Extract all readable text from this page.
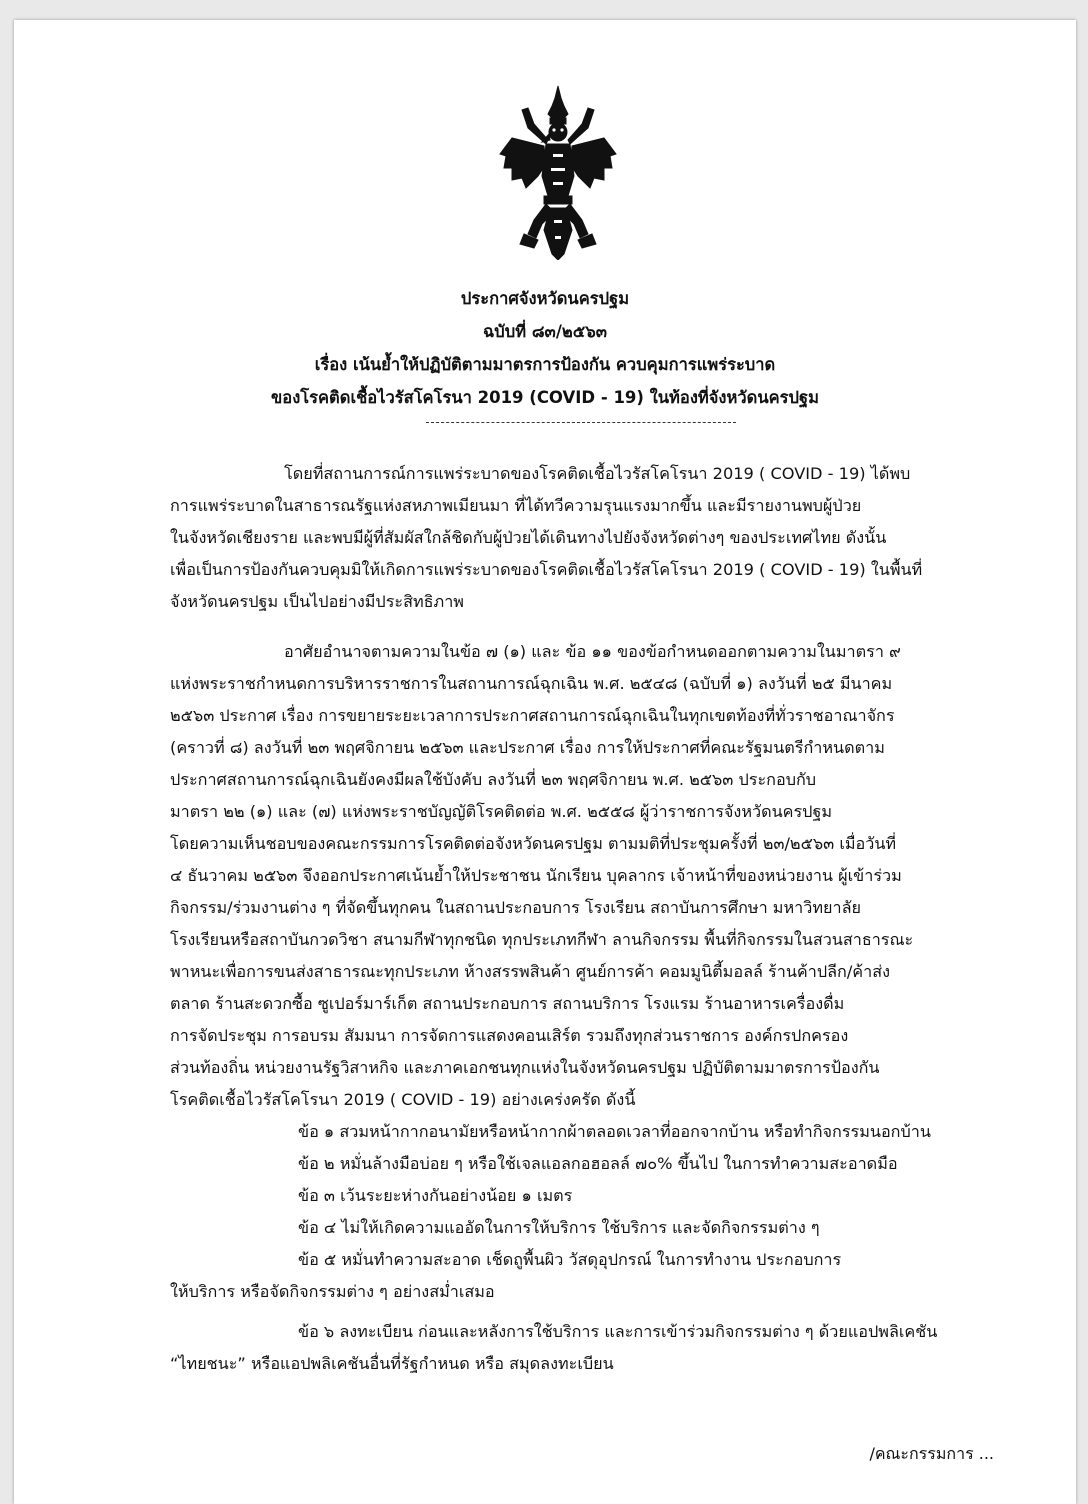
ประกาศจังหวัดนครปฐม
ฉบับที่ ๘๓/๒๕๖๓
เรื่อง เน้นย้ำให้ปฏิบัติตามมาตรการป้องกัน ควบคุมการแพร่ระบาด
ของโรคติดเชื้อไวรัสโคโรนา 2019 (COVID - 19) ในท้องที่จังหวัดนครปฐม
โดยที่สถานการณ์การแพร่ระบาดของโรคติดเชื้อไวรัสโคโรนา 2019 ( COVID - 19) ได้พบ
การแพร่ระบาดในสาธารณรัฐแห่งสหภาพเมียนมา ที่ได้ทวีความรุนแรงมากขึ้น และมีรายงานพบผู้ป่วย
ในจังหวัดเชียงราย และพบมีผู้ที่สัมผัสใกล้ชิดกับผู้ป่วยได้เดินทางไปยังจังหวัดต่างๆ ของประเทศไทย ดังนั้น
เพื่อเป็นการป้องกันควบคุมมิให้เกิดการแพร่ระบาดของโรคติดเชื้อไวรัสโคโรนา 2019 ( COVID - 19) ในพื้นที่
จังหวัดนครปฐม เป็นไปอย่างมีประสิทธิภาพ
อาศัยอำนาจตามความในข้อ ๗ (๑) และ ข้อ ๑๑ ของข้อกำหนดออกตามความในมาตรา ๙
แห่งพระราชกำหนดการบริหารราชการในสถานการณ์ฉุกเฉิน พ.ศ. ๒๕๔๘ (ฉบับที่ ๑) ลงวันที่ ๒๕ มีนาคม
๒๕๖๓ ประกาศ เรื่อง การขยายระยะเวลาการประกาศสถานการณ์ฉุกเฉินในทุกเขตท้องที่ทั่วราชอาณาจักร
(คราวที่ ๘) ลงวันที่ ๒๓ พฤศจิกายน ๒๕๖๓ และประกาศ เรื่อง การให้ประกาศที่คณะรัฐมนตรีกำหนดตาม
ประกาศสถานการณ์ฉุกเฉินยังคงมีผลใช้บังคับ ลงวันที่ ๒๓ พฤศจิกายน พ.ศ. ๒๕๖๓ ประกอบกับ
มาตรา ๒๒ (๑) และ (๗) แห่งพระราชบัญญัติโรคติดต่อ พ.ศ. ๒๕๕๘ ผู้ว่าราชการจังหวัดนครปฐม
โดยความเห็นชอบของคณะกรรมการโรคติดต่อจังหวัดนครปฐม ตามมติที่ประชุมครั้งที่ ๒๓/๒๕๖๓ เมื่อวันที่
๔ ธันวาคม ๒๕๖๓ จึงออกประกาศเน้นย้ำให้ประชาชน นักเรียน บุคลากร เจ้าหน้าที่ของหน่วยงาน ผู้เข้าร่วม
กิจกรรม/ร่วมงานต่าง ๆ ที่จัดขึ้นทุกคน ในสถานประกอบการ โรงเรียน สถาบันการศึกษา มหาวิทยาลัย
โรงเรียนหรือสถาบันกวดวิชา สนามกีฬาทุกชนิด ทุกประเภทกีฬา ลานกิจกรรม พื้นที่กิจกรรมในสวนสาธารณะ
พาหนะเพื่อการขนส่งสาธารณะทุกประเภท ห้างสรรพสินค้า ศูนย์การค้า คอมมูนิตี้มอลล์ ร้านค้าปลีก/ค้าส่ง
ตลาด ร้านสะดวกซื้อ ซูเปอร์มาร์เก็ต สถานประกอบการ สถานบริการ โรงแรม ร้านอาหารเครื่องดื่ม
การจัดประชุม การอบรม สัมมนา การจัดการแสดงคอนเสิร์ต รวมถึงทุกส่วนราชการ องค์กรปกครอง
ส่วนท้องถิ่น หน่วยงานรัฐวิสาหกิจ และภาคเอกชนทุกแห่งในจังหวัดนครปฐม ปฏิบัติตามมาตรการป้องกัน
โรคติดเชื้อไวรัสโคโรนา 2019 ( COVID - 19) อย่างเคร่งครัด ดังนี้
ข้อ ๑ สวมหน้ากากอนามัยหรือหน้ากากผ้าตลอดเวลาที่ออกจากบ้าน หรือทำกิจกรรมนอกบ้าน
ข้อ ๒ หมั่นล้างมือบ่อย ๆ หรือใช้เจลแอลกอฮอลล์ ๗๐% ขึ้นไป ในการทำความสะอาดมือ
ข้อ ๓ เว้นระยะห่างกันอย่างน้อย ๑ เมตร
ข้อ ๔ ไม่ให้เกิดความแออัดในการให้บริการ ใช้บริการ และจัดกิจกรรมต่าง ๆ
ข้อ ๕ หมั่นทำความสะอาด เช็ดถูพื้นผิว วัสดุอุปกรณ์ ในการทำงาน ประกอบการ
ให้บริการ หรือจัดกิจกรรมต่าง ๆ อย่างสม่ำเสมอ
ข้อ ๖ ลงทะเบียน ก่อนและหลังการใช้บริการ และการเข้าร่วมกิจกรรมต่าง ๆ ด้วยแอปพลิเคชัน
“ไทยชนะ” หรือแอปพลิเคชันอื่นที่รัฐกำหนด หรือ สมุดลงทะเบียน
/คณะกรรมการ ...
